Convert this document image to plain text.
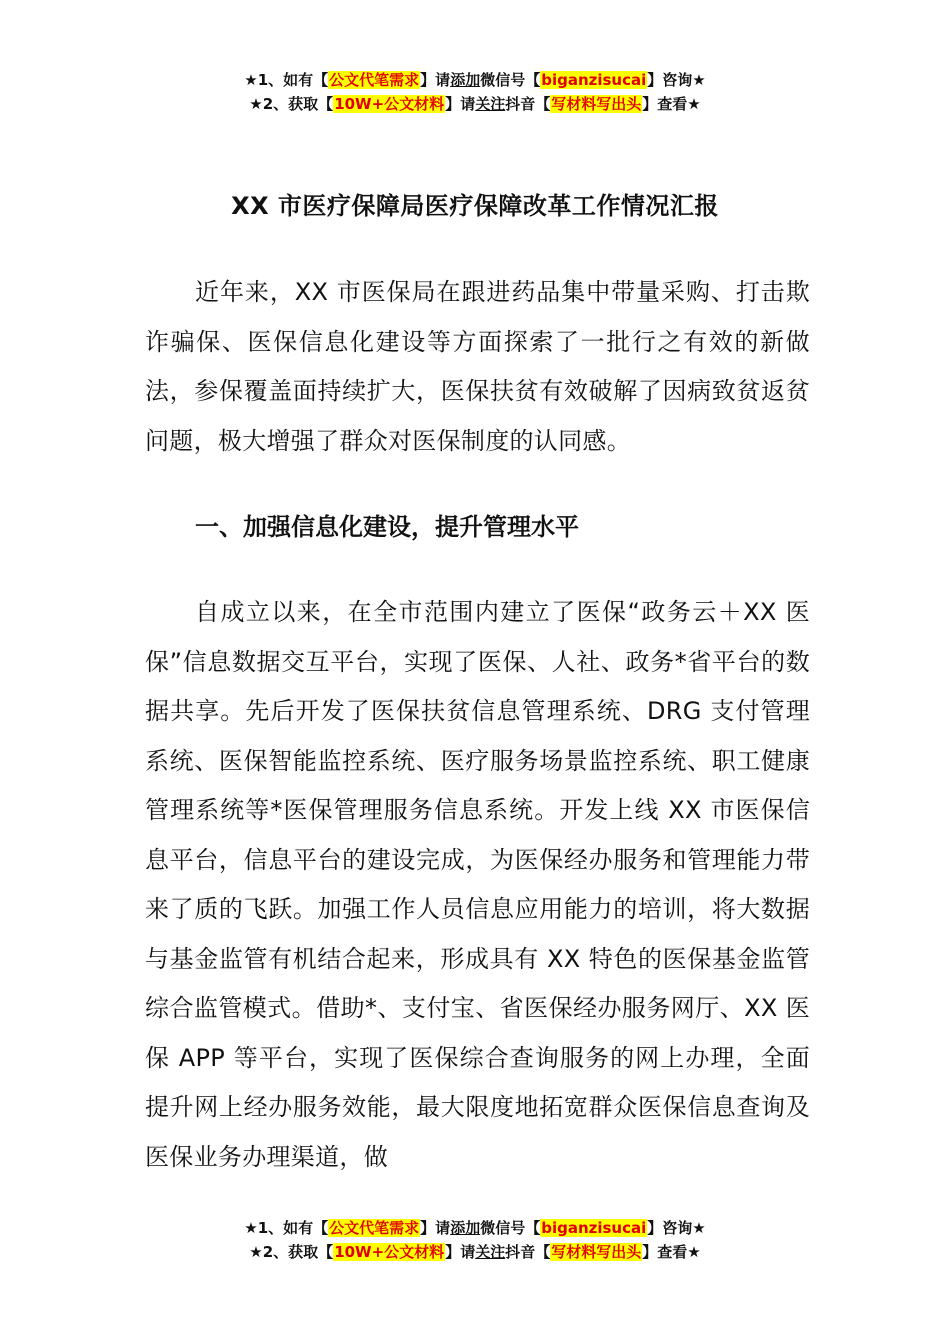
★1、如有【公文代笔需求】请添加微信号【biganzisucai】咨询★
★2、获取【10W+公文材料】请关注抖音【写材料写出头】查看★
XX 市医疗保障局医疗保障改革工作情况汇报

近年来，XX 市医保局在跟进药品集中带量采购、打击欺诈骗保、医保信息化建设等方面探索了一批行之有效的新做法，参保覆盖面持续扩大，医保扶贫有效破解了因病致贫返贫问题，极大增强了群众对医保制度的认同感。

一、加强信息化建设，提升管理水平

自成立以来，在全市范围内建立了医保“政务云＋XX 医保”信息数据交互平台，实现了医保、人社、政务*省平台的数据共享。先后开发了医保扶贫信息管理系统、DRG 支付管理系统、医保智能监控系统、医疗服务场景监控系统、职工健康管理系统等*医保管理服务信息系统。开发上线 XX 市医保信息平台，信息平台的建设完成，为医保经办服务和管理能力带来了质的飞跃。加强工作人员信息应用能力的培训，将大数据与基金监管有机结合起来，形成具有 XX 特色的医保基金监管综合监管模式。借助*、支付宝、省医保经办服务网厅、XX 医保 APP 等平台，实现了医保综合查询服务的网上办理，全面提升网上经办服务效能，最大限度地拓宽群众医保信息查询及医保业务办理渠道，做

★1、如有【公文代笔需求】请添加微信号【biganzisucai】咨询★
★2、获取【10W+公文材料】请关注抖音【写材料写出头】查看★
